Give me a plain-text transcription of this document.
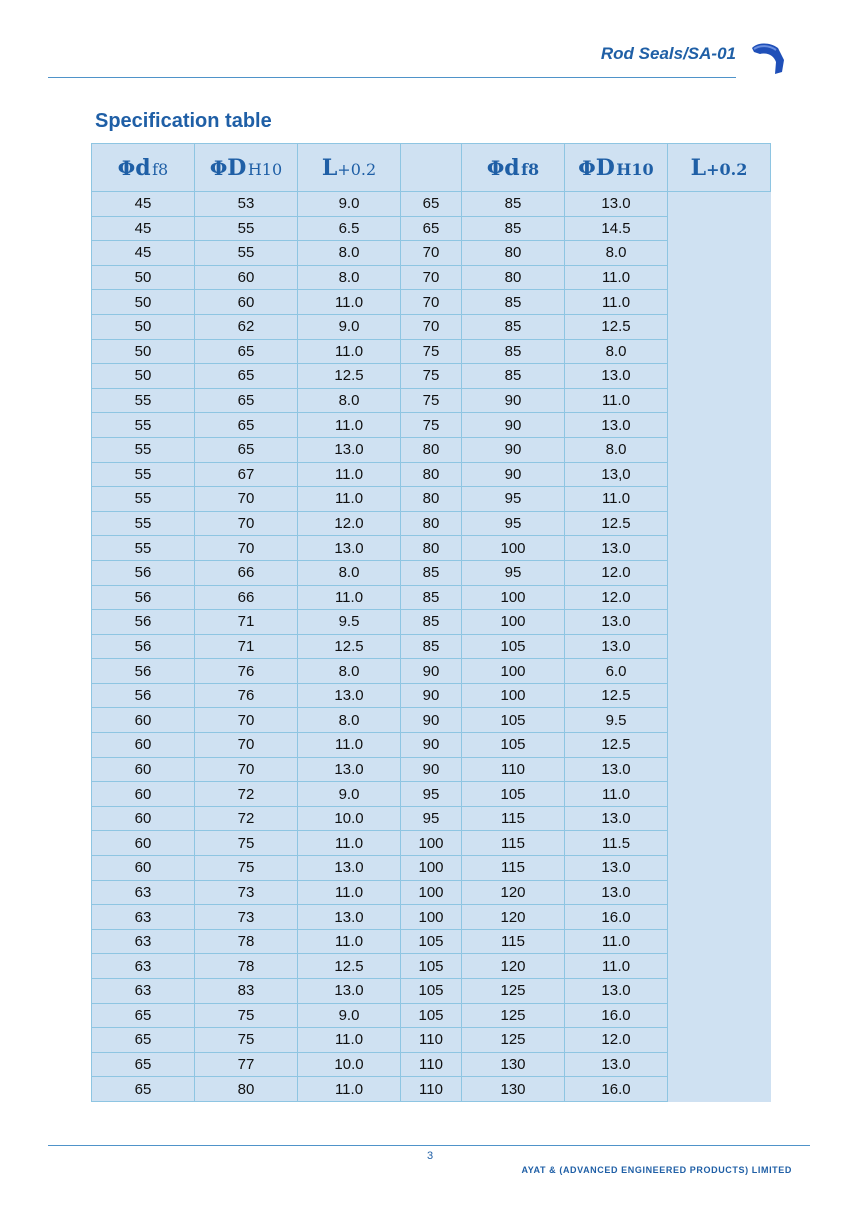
Rod Seals/SA-01
Specification table
Φd f8	ΦD H10	L+0.2		Φd f8	ΦD H10	L+0.2
45	53	9.0	65	85	13.0	
45	55	6.5	65	85	14.5	
45	55	8.0	70	80	8.0	
50	60	8.0	70	80	11.0	
50	60	11.0	70	85	11.0	
50	62	9.0	70	85	12.5	
50	65	11.0	75	85	8.0	
50	65	12.5	75	85	13.0	
55	65	8.0	75	90	11.0	
55	65	11.0	75	90	13.0	
55	65	13.0	80	90	8.0	
55	67	11.0	80	90	13,0	
55	70	11.0	80	95	11.0	
55	70	12.0	80	95	12.5	
55	70	13.0	80	100	13.0	
56	66	8.0	85	95	12.0	
56	66	11.0	85	100	12.0	
56	71	9.5	85	100	13.0	
56	71	12.5	85	105	13.0	
56	76	8.0	90	100	6.0	
56	76	13.0	90	100	12.5	
60	70	8.0	90	105	9.5	
60	70	11.0	90	105	12.5	
60	70	13.0	90	110	13.0	
60	72	9.0	95	105	11.0	
60	72	10.0	95	115	13.0	
60	75	11.0	100	115	11.5	
60	75	13.0	100	115	13.0	
63	73	11.0	100	120	13.0	
63	73	13.0	100	120	16.0	
63	78	11.0	105	115	11.0	
63	78	12.5	105	120	11.0	
63	83	13.0	105	125	13.0	
65	75	9.0	105	125	16.0	
65	75	11.0	110	125	12.0	
65	77	10.0	110	130	13.0	
65	80	11.0	110	130	16.0	
3
AYAT & (ADVANCED ENGINEERED PRODUCTS) LIMITED
